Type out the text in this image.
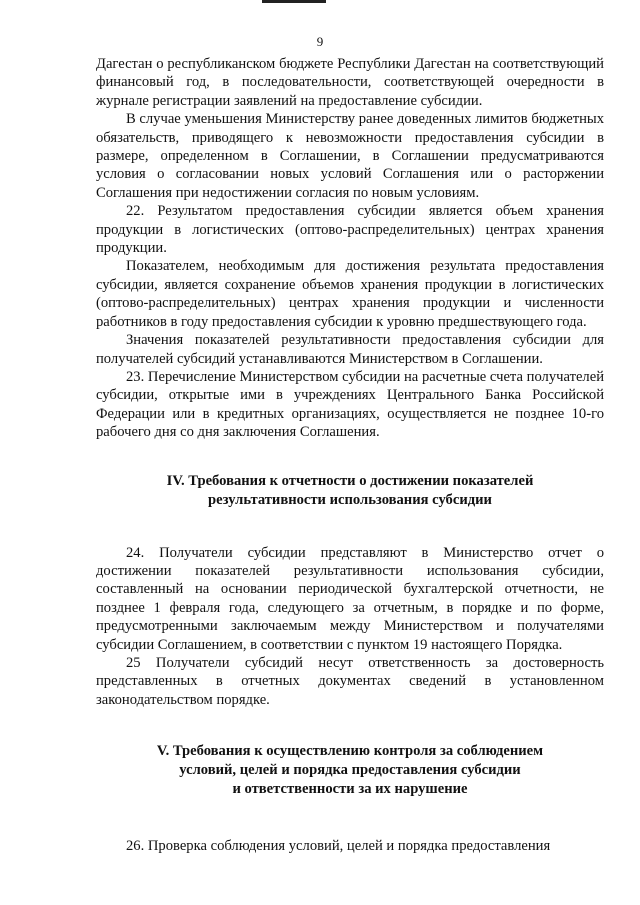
9

Дагестан о республиканском бюджете Республики Дагестан на соответствующий финансовый год, в последовательности, соответствующей очередности в журнале регистрации заявлений на предоставление субсидии.

В случае уменьшения Министерству ранее доведенных лимитов бюджетных обязательств, приводящего к невозможности предоставления субсидии в размере, определенном в Соглашении, в Соглашении предусматриваются условия о согласовании новых условий Соглашения или о расторжении Соглашения при недостижении согласия по новым условиям.

22. Результатом предоставления субсидии является объем хранения продукции в логистических (оптово-распределительных) центрах хранения продукции.

Показателем, необходимым для достижения результата предоставления субсидии, является сохранение объемов хранения продукции в логистических (оптово-распределительных) центрах хранения продукции и численности работников в году предоставления субсидии к уровню предшествующего года.

Значения показателей результативности предоставления субсидии для получателей субсидий устанавливаются Министерством в Соглашении.

23. Перечисление Министерством субсидии на расчетные счета получателей субсидии, открытые ими в учреждениях Центрального Банка Российской Федерации или в кредитных организациях, осуществляется не позднее 10-го рабочего дня со дня заключения Соглашения.

IV. Требования к отчетности о достижении показателей
результативности использования субсидии

24. Получатели субсидии представляют в Министерство отчет о достижении показателей результативности использования субсидии, составленный на основании периодической бухгалтерской отчетности, не позднее 1 февраля года, следующего за отчетным, в порядке и по форме, предусмотренными заключаемым между Министерством и получателями субсидии Соглашением, в соответствии с пунктом 19 настоящего Порядка.

25 Получатели субсидий несут ответственность за достоверность представленных в отчетных документах сведений в установленном законодательством порядке.

V. Требования к осуществлению контроля за соблюдением
условий, целей и порядка предоставления субсидии
и ответственности за их нарушение

26. Проверка соблюдения условий, целей и порядка предоставления
